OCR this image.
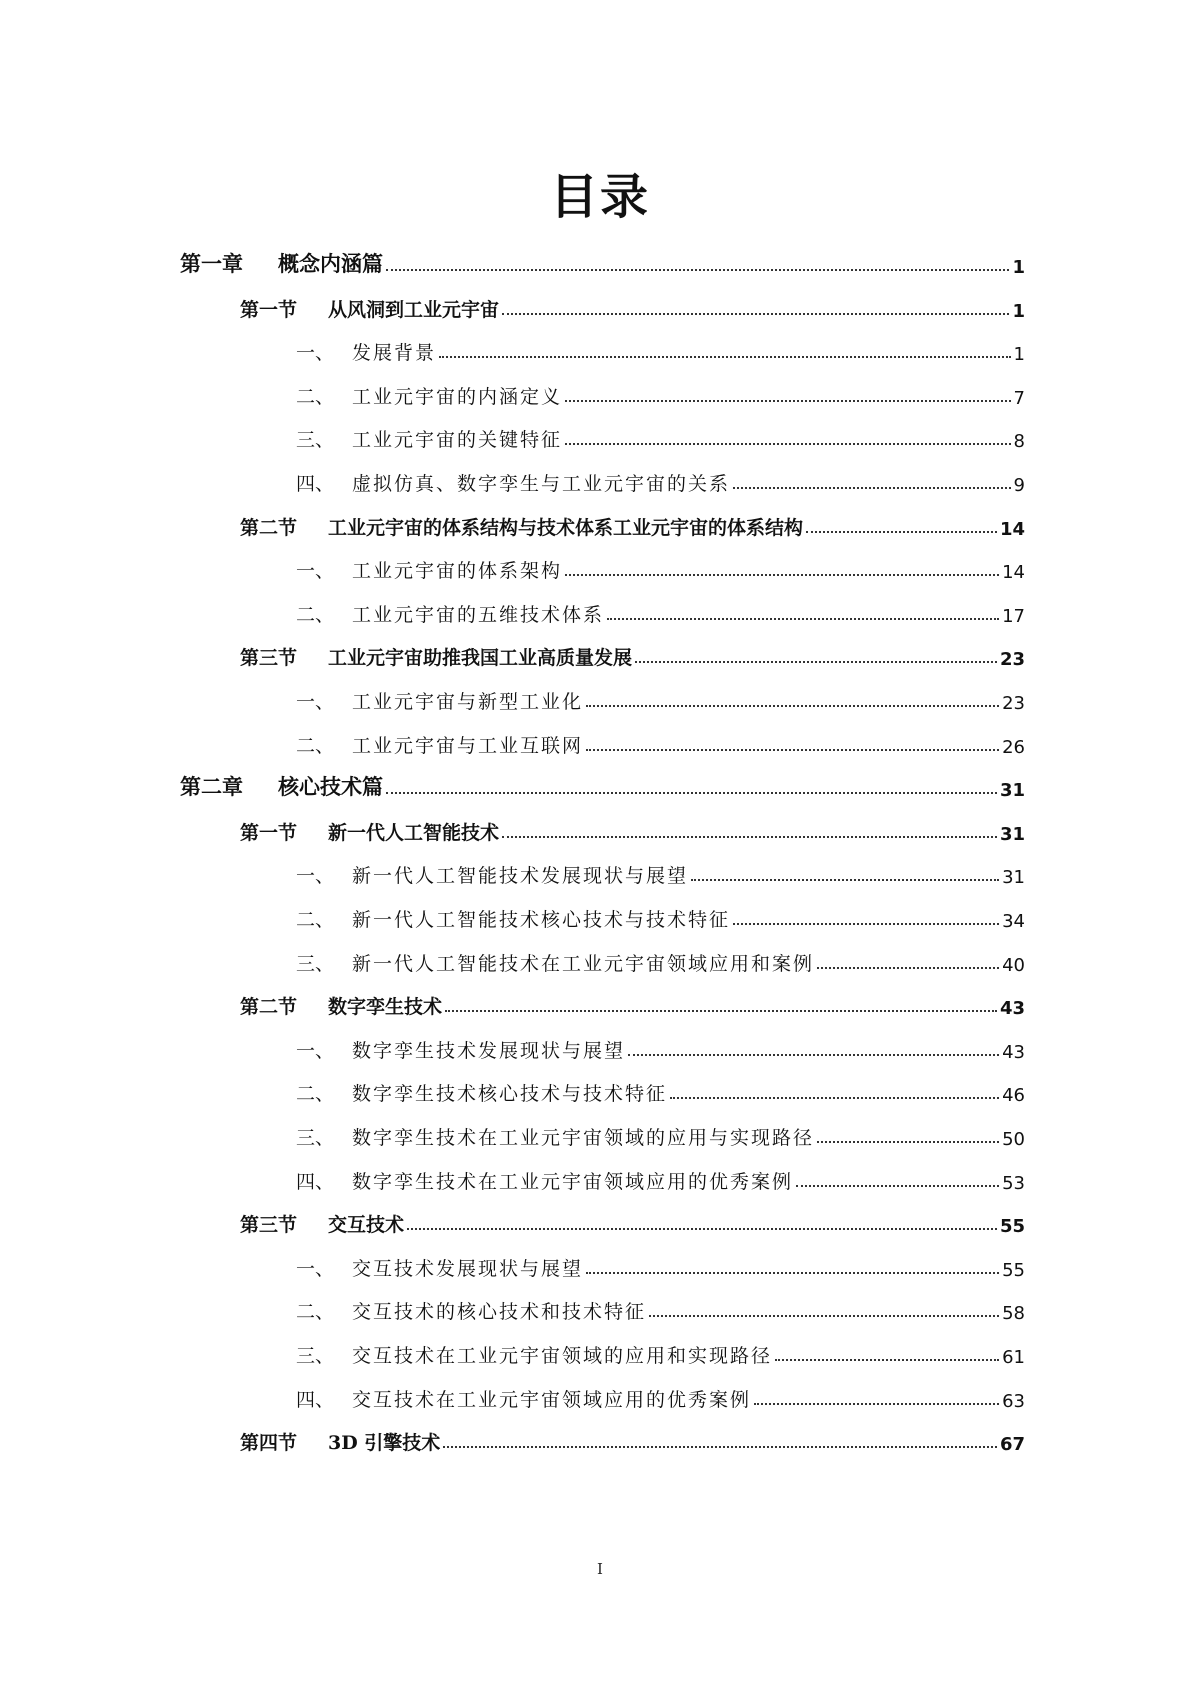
目录
第一章	概念内涵篇	1
第一节	从风洞到工业元宇宙	1
一、 发展背景	1
二、 工业元宇宙的内涵定义	7
三、 工业元宇宙的关键特征	8
四、 虚拟仿真、数字孪生与工业元宇宙的关系	9
第二节	工业元宇宙的体系结构与技术体系工业元宇宙的体系结构	14
一、 工业元宇宙的体系架构	14
二、 工业元宇宙的五维技术体系	17
第三节	工业元宇宙助推我国工业高质量发展	23
一、 工业元宇宙与新型工业化	23
二、 工业元宇宙与工业互联网	26
第二章	核心技术篇	31
第一节	新一代人工智能技术	31
一、 新一代人工智能技术发展现状与展望	31
二、 新一代人工智能技术核心技术与技术特征	34
三、 新一代人工智能技术在工业元宇宙领域应用和案例	40
第二节	数字孪生技术	43
一、 数字孪生技术发展现状与展望	43
二、 数字孪生技术核心技术与技术特征	46
三、 数字孪生技术在工业元宇宙领域的应用与实现路径	50
四、 数字孪生技术在工业元宇宙领域应用的优秀案例	53
第三节	交互技术	55
一、 交互技术发展现状与展望	55
二、 交互技术的核心技术和技术特征	58
三、 交互技术在工业元宇宙领域的应用和实现路径	61
四、 交互技术在工业元宇宙领域应用的优秀案例	63
第四节	3D 引擎技术	67
I
